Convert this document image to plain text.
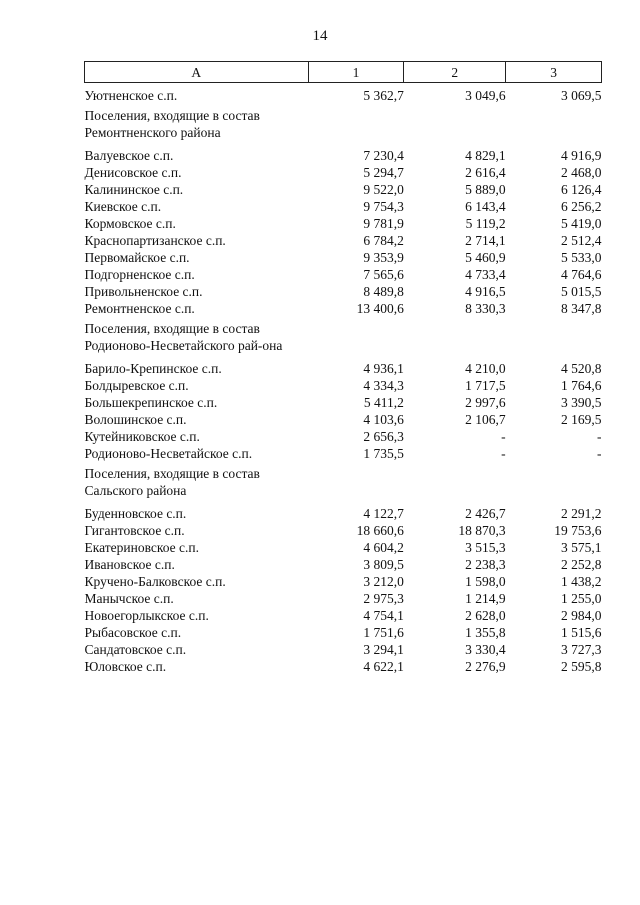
14
А	1	2	3
Уютненское с.п.	5 362,7	3 049,6	3 069,5
Поселения, входящие в состав Ремонтненского района			
Валуевское с.п.	7 230,4	4 829,1	4 916,9
Денисовское с.п.	5 294,7	2 616,4	2 468,0
Калининское с.п.	9 522,0	5 889,0	6 126,4
Киевское с.п.	9 754,3	6 143,4	6 256,2
Кормовское с.п.	9 781,9	5 119,2	5 419,0
Краснопартизанское с.п.	6 784,2	2 714,1	2 512,4
Первомайское с.п.	9 353,9	5 460,9	5 533,0
Подгорненское с.п.	7 565,6	4 733,4	4 764,6
Привольненское с.п.	8 489,8	4 916,5	5 015,5
Ремонтненское с.п.	13 400,6	8 330,3	8 347,8
Поселения, входящие в состав Родионово-Несветайского рай-она			
Барило-Крепинское с.п.	4 936,1	4 210,0	4 520,8
Болдыревское с.п.	4 334,3	1 717,5	1 764,6
Большекрепинское с.п.	5 411,2	2 997,6	3 390,5
Волошинское с.п.	4 103,6	2 106,7	2 169,5
Кутейниковское с.п.	2 656,3	-	-
Родионово-Несветайское с.п.	1 735,5	-	-
Поселения, входящие в состав Сальского района			
Буденновское с.п.	4 122,7	2 426,7	2 291,2
Гигантовское с.п.	18 660,6	18 870,3	19 753,6
Екатериновское с.п.	4 604,2	3 515,3	3 575,1
Ивановское с.п.	3 809,5	2 238,3	2 252,8
Кручено-Балковское с.п.	3 212,0	1 598,0	1 438,2
Манычское с.п.	2 975,3	1 214,9	1 255,0
Новоегорлыкское с.п.	4 754,1	2 628,0	2 984,0
Рыбасовское с.п.	1 751,6	1 355,8	1 515,6
Сандатовское с.п.	3 294,1	3 330,4	3 727,3
Юловское с.п.	4 622,1	2 276,9	2 595,8
